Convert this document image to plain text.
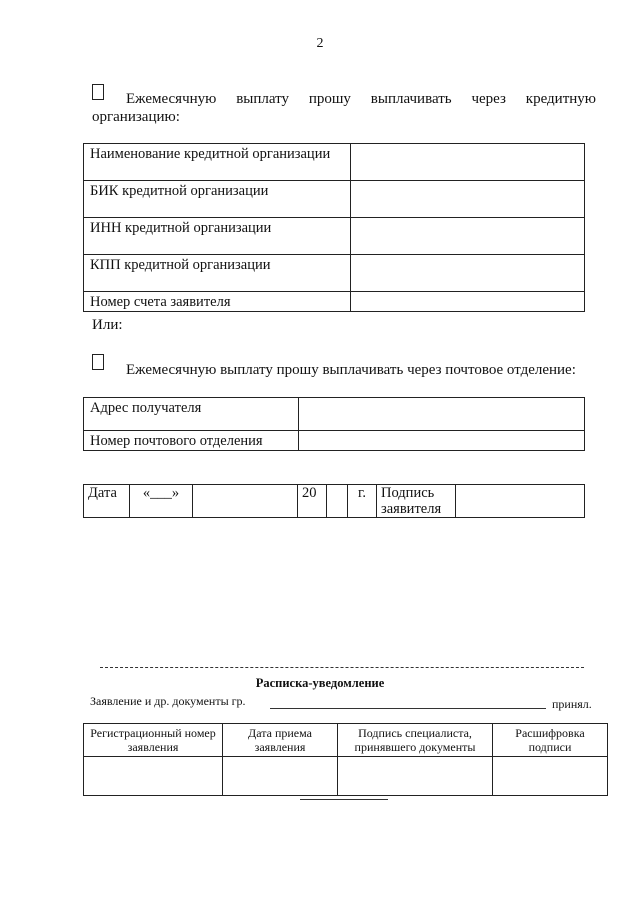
2
Ежемесячную выплату прошу выплачивать через кредитную
организацию:
Наименование кредитной организации	
БИК кредитной организации	
ИНН кредитной организации	
КПП кредитной организации	
Номер счета заявителя	
Или:
Ежемесячную выплату прошу выплачивать через почтовое отделение:
Адрес получателя	
Номер почтового отделения	
Дата	«___»		20		г.	Подпись заявителя	
Расписка-уведомление
Заявление и др. документы гр.	принял.
Регистрационный номер заявления	Дата приема заявления	Подпись специалиста, принявшего документы	Расшифровка подписи
